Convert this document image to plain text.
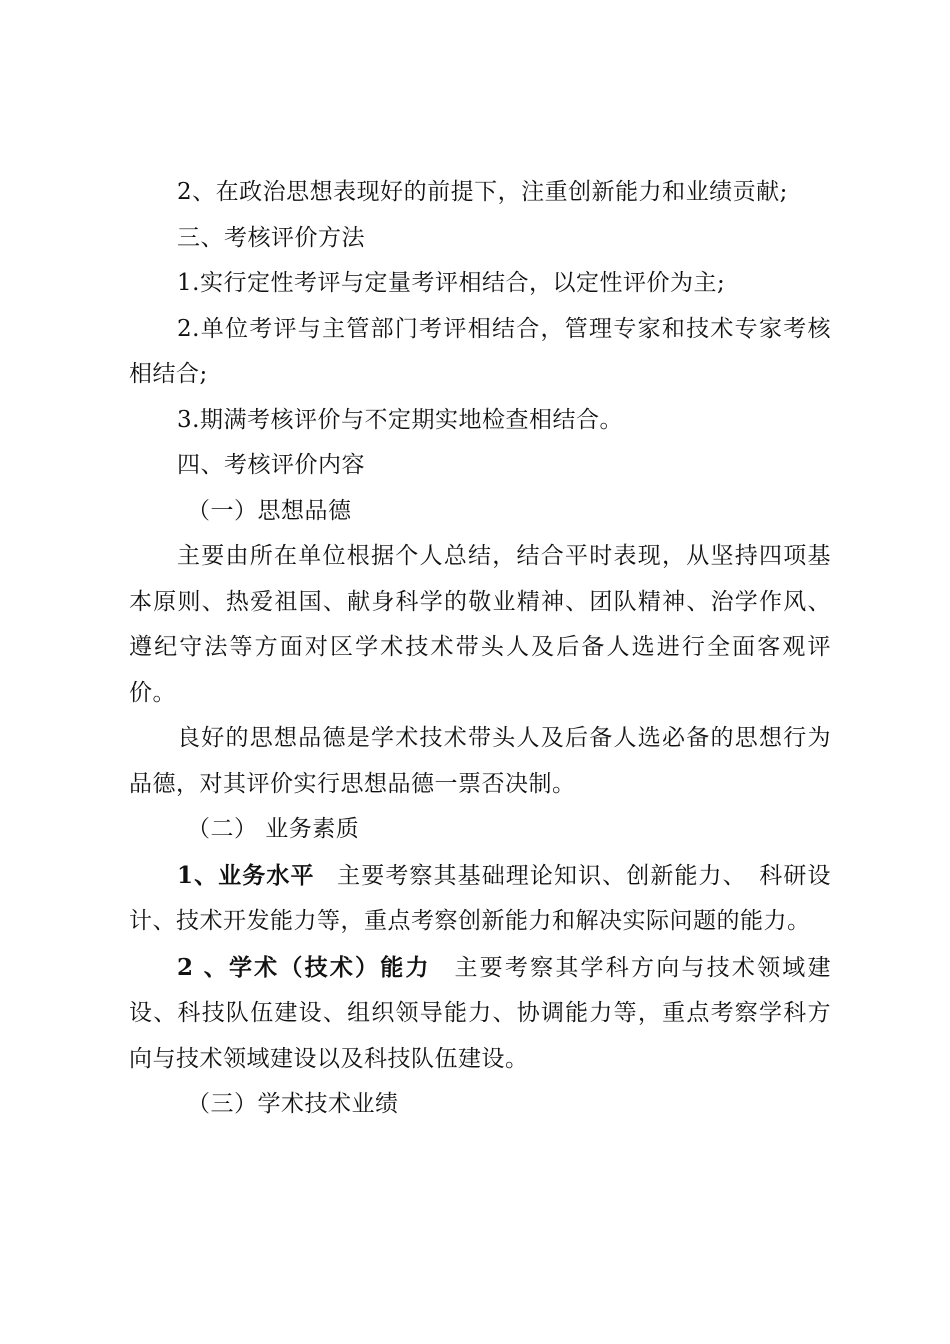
2、在政治思想表现好的前提下，注重创新能力和业绩贡献;

三、考核评价方法

1.实行定性考评与定量考评相结合，以定性评价为主;

2.单位考评与主管部门考评相结合，管理专家和技术专家考核相结合;

3.期满考核评价与不定期实地检查相结合。

四、考核评价内容

（一）思想品德

主要由所在单位根据个人总结，结合平时表现，从坚持四项基本原则、热爱祖国、献身科学的敬业精神、团队精神、治学作风、遵纪守法等方面对区学术技术带头人及后备人选进行全面客观评价。

良好的思想品德是学术技术带头人及后备人选必备的思想行为品德，对其评价实行思想品德一票否决制。

（二） 业务素质

1、业务水平 主要考察其基础理论知识、创新能力、　科研设计、技术开发能力等，重点考察创新能力和解决实际问题的能力。

2 、学术（技术）能力 主要考察其学科方向与技术领域建设、科技队伍建设、组织领导能力、协调能力等，重点考察学科方向与技术领域建设以及科技队伍建设。

（三）学术技术业绩
